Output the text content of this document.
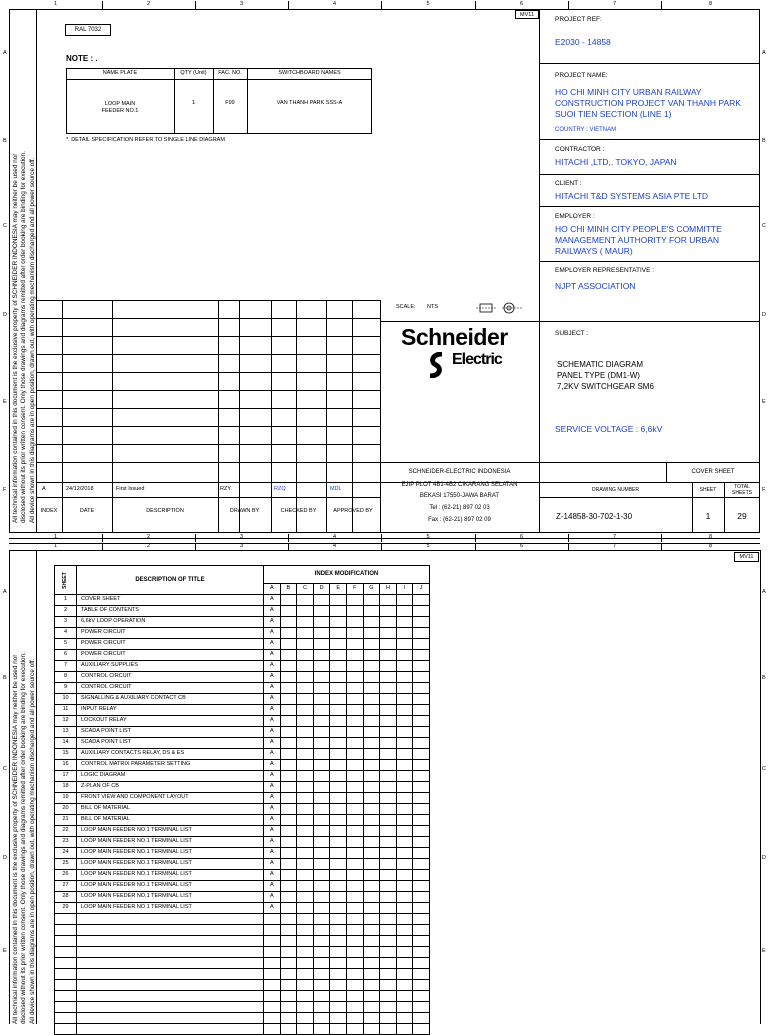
1	2	3	4	5	6	7	8
A	A
B	B
C	C
D	D
E	E
F	F
1	2	3	4	5	6	7	8
All technical information contained in this document is the exclusive property of SCHNEIDER INDONESIA may neither be used nor disclosed without its prior written consent. Only those drawings and diagrams remitted after order booking are binding for execution. All device shown in this diagrams are in open position, drawn out, with operating mechanism discharged and all power source off.
MV11
RAL 7032
NOTE : .
NAME PLATE	QTY (Unit)	FAC. NO.	SWITCHBOARD NAMES
LOOP MAIN
FEEDER NO.1
1	F99	VAN THANH PARK SSS-A
*. DETAIL SPECIFICATION REFER TO SINGLE LINE DIAGRAM
SCALE: NTS
A	24/12/2018	First Issued	RZY	RZQ	MDL
INDEX	DATE	DESCRIPTION	DRAWN BY	CHECKED BY	APPROVED BY
Schneider
Electric
SCHNEIDER-ELECTRIC INDONESIA
EJIP PLOT 4B1-4B2 CIKARANG SELATAN
BEKASI 17550-JAWA BARAT
Tel : (62-21) 897 02 03
Fax : (62-21) 897 02 09
PROJECT REF:
E2030 - 14858
PROJECT NAME:
HO CHI MINH CITY URBAN RAILWAY
CONSTRUCTION PROJECT VAN THANH PARK
SUOI TIEN SECTION (LINE 1)
COUNTRY : VIETNAM
CONTRACTOR :
HITACHI ,LTD,. TOKYO, JAPAN
CLIENT :
HITACHI T&D SYSTEMS ASIA PTE LTD
EMPLOYER :
HO CHI MINH CITY PEOPLE'S COMMITTE
MANAGEMENT AUTHORITY FOR URBAN
RAILWAYS ( MAUR)
EMPLOYER REPRESENTATIVE :
NJPT ASSOCIATION
SUBJECT :
SCHEMATIC DIAGRAM
PANEL TYPE (DM1-W)
7,2KV SWITCHGEAR SM6
SERVICE VOLTAGE : 6,6kV
COVER SHEET
DRAWING NUMBER	SHEET	TOTAL
SHEETS
Z-14858-30-702-1-30	1	29
1	2	3	4	5	6	7	8
A	A
B	B
C	C
D	D
E	E
All technical information contained in this document is the exclusive property of SCHNEIDER INDONESIA may neither be used nor disclosed without its prior written consent. Only those drawings and diagrams remitted after order booking are binding for execution. All device shown in this diagrams are in open position, drawn out, with operating mechanism discharged and all power source off.
MV11
SHEET	DESCRIPTION OF TITLE	INDEX MODIFICATION									
		A	B	C	D	E	F	G	H	I	J
1	COVER SHEET	A									
2	TABLE OF CONTENTS	A									
3	6,6kV LOOP OPERATION	A									
4	POWER CIRCUIT	A									
5	POWER CIRCUIT	A									
6	POWER CIRCUIT	A									
7	AUXILIARY SUPPLIES	A									
8	CONTROL CIRCUIT	A									
9	CONTROL CIRCUIT	A									
10	SIGNALLING & AUXILIARY CONTACT CB	A									
11	INPUT RELAY	A									
12	LOCKOUT RELAY	A									
13	SCADA POINT LIST	A									
14	SCADA POINT LIST	A									
15	AUXILIARY CONTACTS RELAY, DS & ES	A									
16	CONTROL MATRIX PARAMETER SETTING	A									
17	LOGIC DIAGRAM	A									
18	Z-PLAN OF CB	A									
19	FRONT VIEW AND COMPONENT LAYOUT	A									
20	BILL OF MATERIAL	A									
21	BILL OF MATERIAL	A									
22	LOOP MAIN FEEDER NO.1 TERMINAL LIST	A									
23	LOOP MAIN FEEDER NO.1 TERMINAL LIST	A									
24	LOOP MAIN FEEDER NO.1 TERMINAL LIST	A									
25	LOOP MAIN FEEDER NO.1 TERMINAL LIST	A									
26	LOOP MAIN FEEDER NO.1 TERMINAL LIST	A									
27	LOOP MAIN FEEDER NO.1 TERMINAL LIST	A									
28	LOOP MAIN FEEDER NO.1 TERMINAL LIST	A									
29	LOOP MAIN FEEDER NO.1 TERMINAL LIST	A									
